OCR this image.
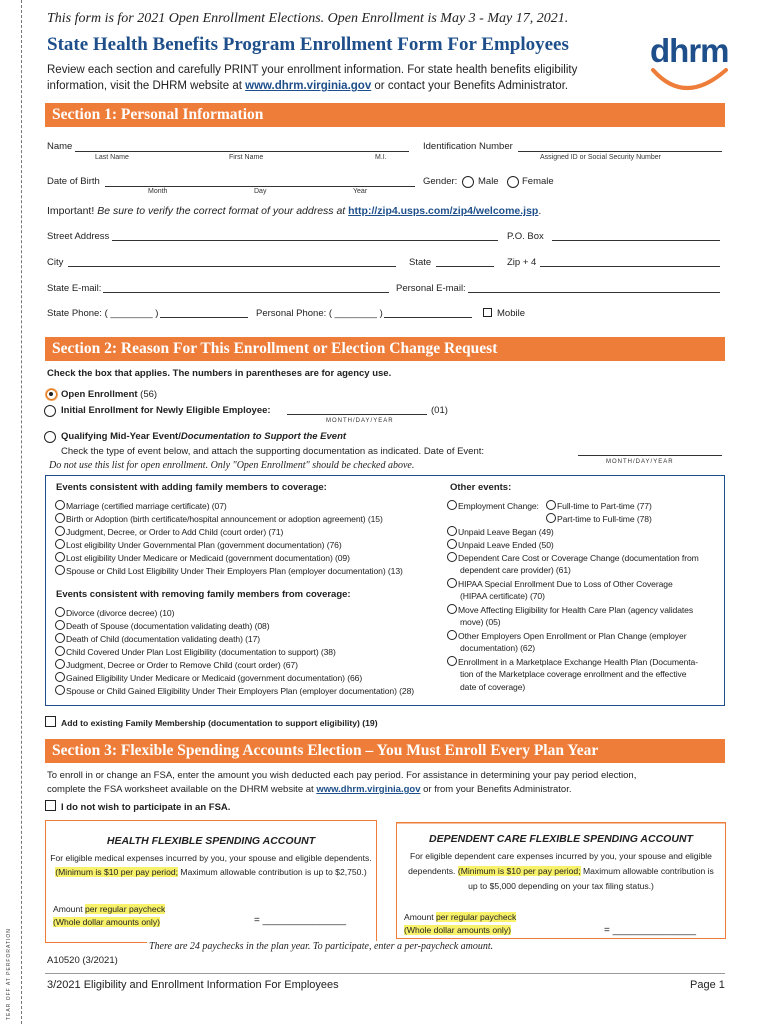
TEAR OFF AT PERFORATION
This form is for 2021 Open Enrollment Elections. Open Enrollment is May 3 - May 17, 2021.
State Health Benefits Program Enrollment Form For Employees
Review each section and carefully PRINT your enrollment information. For state health benefits eligibility
information, visit the DHRM website at www.dhrm.virginia.gov or contact your Benefits Administrator.
dhrm
Section 1: Personal Information
Name
Last Name	First Name	M.I.
Identification Number
Assigned ID or Social Security Number
Date of Birth
Month	Day	Year
Gender: Male Female
Important! Be sure to verify the correct format of your address at http://zip4.usps.com/zip4/welcome.jsp.
Street Address	P.O. Box
City	State	Zip + 4
State E-mail:	Personal E-mail:
State Phone: ( ________ )	Personal Phone: ( ________ )	Mobile
Section 2: Reason For This Enrollment or Election Change Request
Check the box that applies. The numbers in parentheses are for agency use.
Open Enrollment (56)
Initial Enrollment for Newly Eligible Employee:	(01)
MONTH/DAY/YEAR
Qualifying Mid-Year Event/Documentation to Support the Event
Check the type of event below, and attach the supporting documentation as indicated. Date of Event:
MONTH/DAY/YEAR
Do not use this list for open enrollment. Only "Open Enrollment" should be checked above.
Events consistent with adding family members to coverage:
Events consistent with removing family members from coverage:
Other events:
Employment Change:	Full-time to Part-time (77)
Part-time to Full-time (78)
Add to existing Family Membership (documentation to support eligibility) (19)
Section 3: Flexible Spending Accounts Election – You Must Enroll Every Plan Year
To enroll in or change an FSA, enter the amount you wish deducted each pay period. For assistance in determining your pay period election,
complete the FSA worksheet available on the DHRM website at www.dhrm.virginia.gov or from your Benefits Administrator.
I do not wish to participate in an FSA.
HEALTH FLEXIBLE SPENDING ACCOUNT
For eligible medical expenses incurred by you, your spouse and eligible dependents.
(Minimum is $10 per pay period; Maximum allowable contribution is up to $2,750.)
Amount per regular paycheck
(Whole dollar amounts only)	= _______________
DEPENDENT CARE FLEXIBLE SPENDING ACCOUNT
For eligible dependent care expenses incurred by you, your spouse and eligible
dependents. (Minimum is $10 per pay period; Maximum allowable contribution is
up to $5,000 depending on your tax filing status.)
Amount per regular paycheck
(Whole dollar amounts only)	= _______________
There are 24 paychecks in the plan year. To participate, enter a per-paycheck amount.
A10520 (3/2021)
3/2021 Eligibility and Enrollment Information For Employees	Page 1
Marriage (certified marriage certificate) (07)
Birth or Adoption (birth certificate/hospital announcement or adoption agreement) (15)
Judgment, Decree, or Order to Add Child (court order) (71)
Lost eligibility Under Governmental Plan (government documentation) (76)
Lost eligibility Under Medicare or Medicaid (government documentation) (09)
Spouse or Child Lost Eligibility Under Their Employers Plan (employer documentation) (13)
Divorce (divorce decree) (10)
Death of Spouse (documentation validating death) (08)
Death of Child (documentation validating death) (17)
Child Covered Under Plan Lost Eligibility (documentation to support) (38)
Judgment, Decree or Order to Remove Child (court order) (67)
Gained Eligibility Under Medicare or Medicaid (government documentation) (66)
Spouse or Child Gained Eligibility Under Their Employers Plan (employer documentation) (28)
Unpaid Leave Began (49)
Unpaid Leave Ended (50)
Dependent Care Cost or Coverage Change (documentation from
HIPAA Special Enrollment Due to Loss of Other Coverage
Move Affecting Eligibility for Health Care Plan (agency validates
Other Employers Open Enrollment or Plan Change (employer
Enrollment in a Marketplace Exchange Health Plan (Documenta-
dependent care provider) (61)
(HIPAA certificate) (70)
move) (05)
documentation) (62)
tion of the Marketplace coverage enrollment and the effective
date of coverage)
